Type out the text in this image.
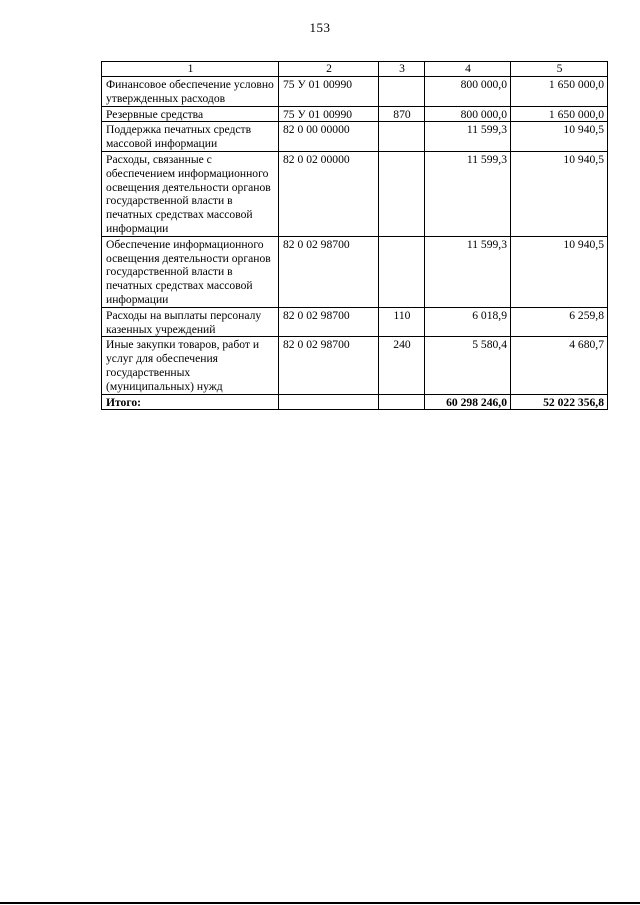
153
1	2	3	4	5
Финансовое обеспечение условно утвержденных расходов	75 У 01 00990		800 000,0	1 650 000,0
Резервные средства	75 У 01 00990	870	800 000,0	1 650 000,0
Поддержка печатных средств массовой информации	82 0 00 00000		11 599,3	10 940,5
Расходы, связанные с обеспечением информационного освещения деятельности органов государственной власти в печатных средствах массовой информации	82 0 02 00000		11 599,3	10 940,5
Обеспечение информационного освещения деятельности органов государственной власти в печатных средствах массовой информации	82 0 02 98700		11 599,3	10 940,5
Расходы на выплаты персоналу казенных учреждений	82 0 02 98700	110	6 018,9	6 259,8
Иные закупки товаров, работ и услуг для обеспечения государственных (муниципальных) нужд	82 0 02 98700	240	5 580,4	4 680,7
Итого:			60 298 246,0	52 022 356,8
